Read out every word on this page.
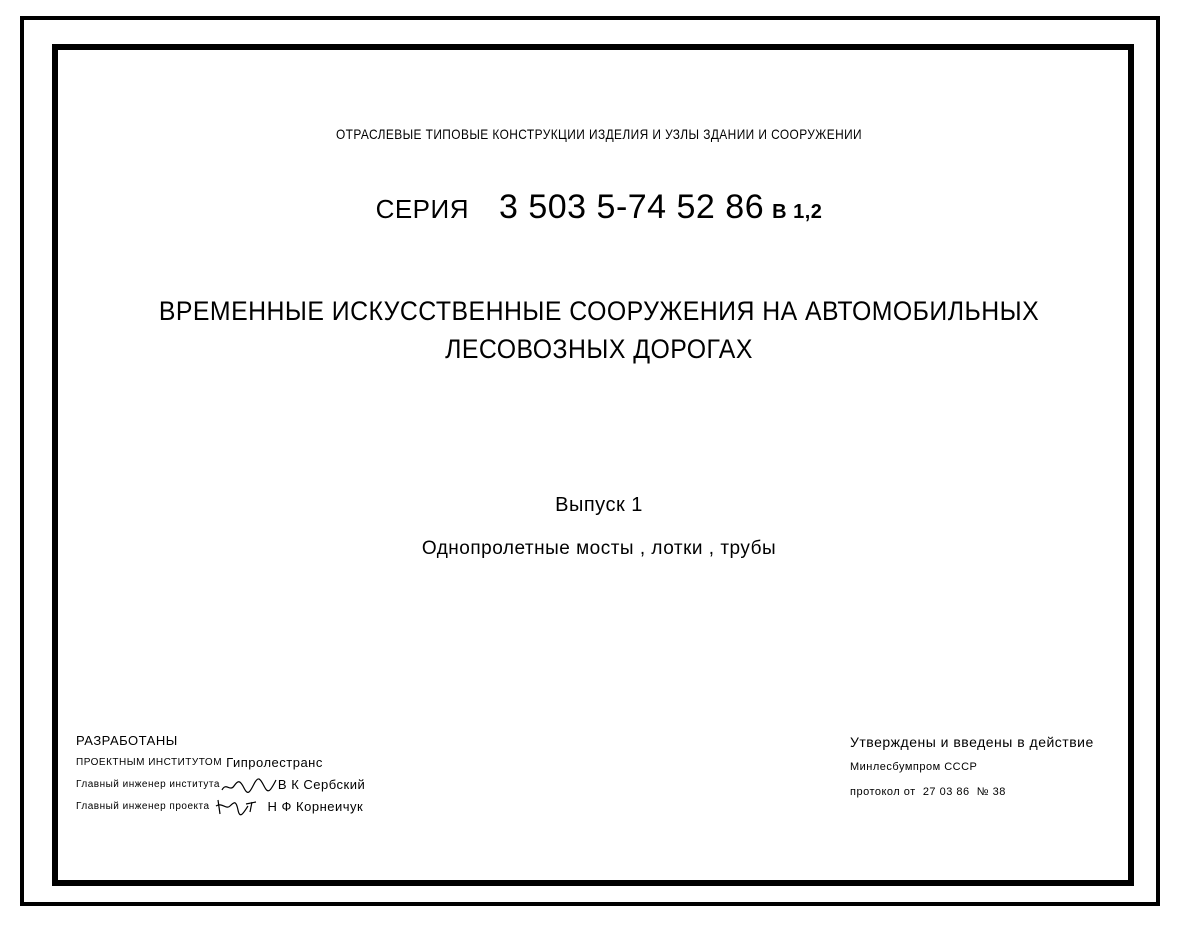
ОТРАСЛЕВЫЕ ТИПОВЫЕ КОНСТРУКЦИИ ИЗДЕЛИЯ И УЗЛЫ ЗДАНИИ И СООРУЖЕНИИ
СЕРИЯ 3 503 5-74 52 86 В 1,2
ВРЕМЕННЫЕ ИСКУССТВЕННЫЕ СООРУЖЕНИЯ НА АВТОМОБИЛЬНЫХ
ЛЕСОВОЗНЫХ ДОРОГАХ
Выпуск 1
Однопролетные мосты , лотки , трубы
РАЗРАБОТАНЫ
ПРОЕКТНЫМ ИНСТИТУТОМ
Гипролестранс
Главный инженер института	В К Сербский
Главный инженер проекта	Н Ф Корнеичук
Утверждены и введены в действие
Минлесбумпром СССР
протокол от 27 03 86 № 38
